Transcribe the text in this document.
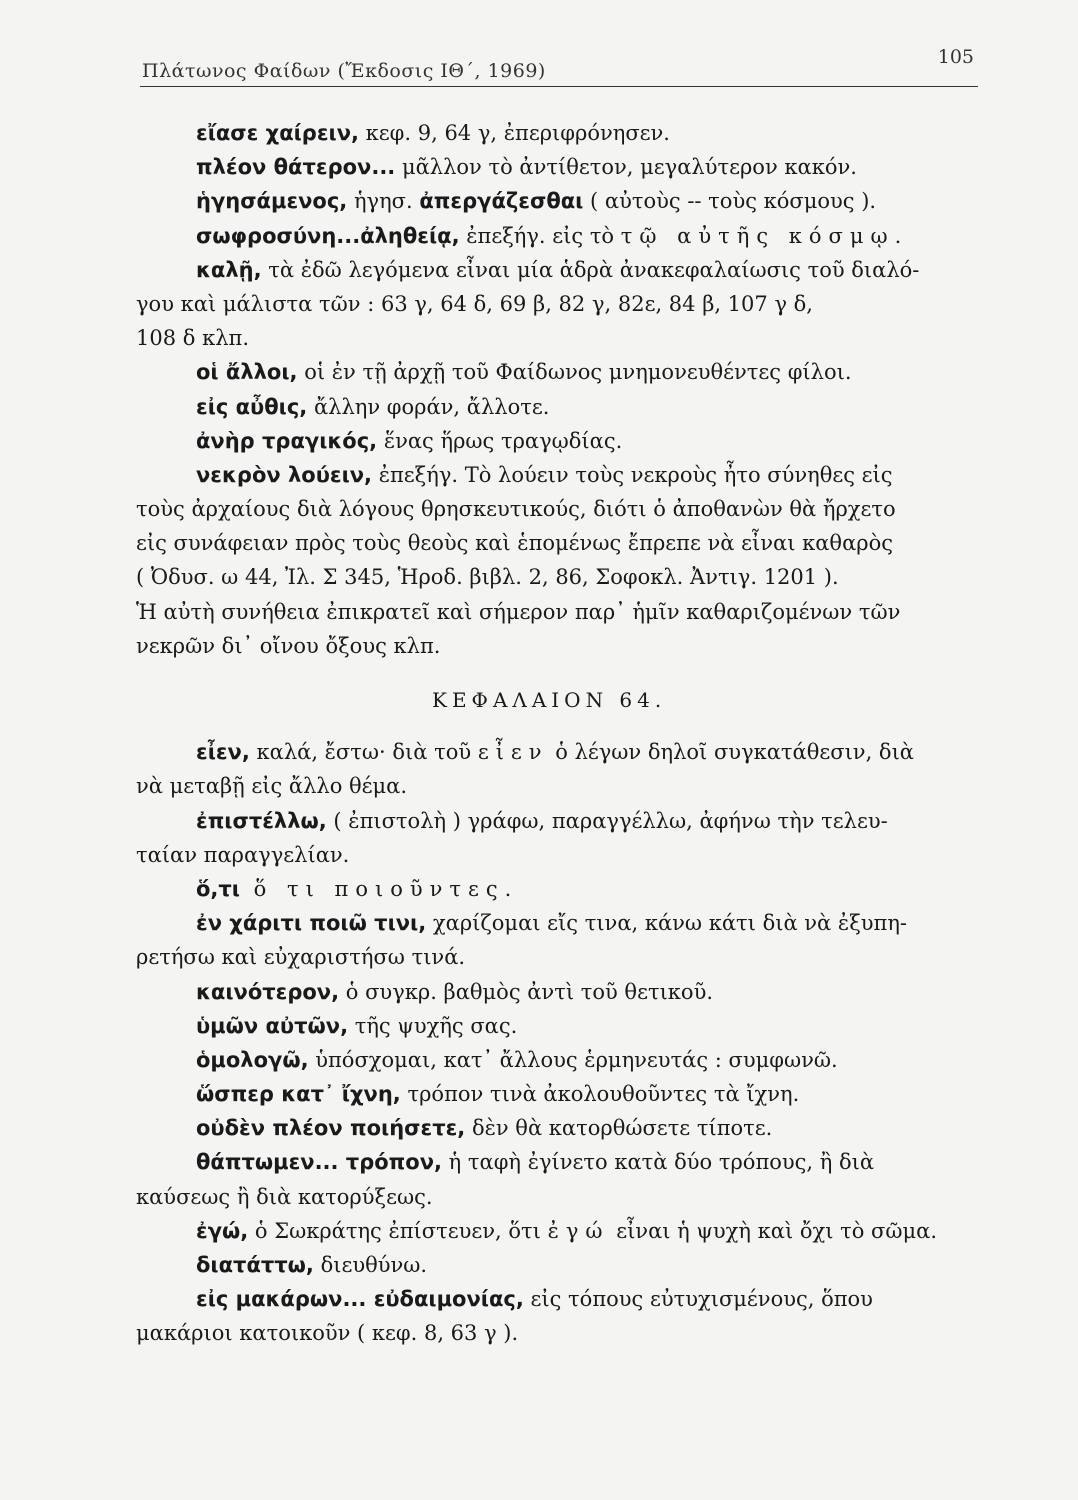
Πλάτωνος Φαίδων (Ἔκδοσις ΙΘ΄, 1969)
105
εἴασε χαίρειν, κεφ. 9, 64 γ, ἐπεριφρόνησεν.
πλέον θάτερον... μᾶλλον τὸ ἀντίθετον, μεγαλύτερον κακόν.
ἡγησάμενος, ἡγησ. ἀπεργάζεσθαι ( αὐτοὺς -- τοὺς κόσμους ).
σωφροσύνη...ἀληθείᾳ, ἐπεξήγ. εἰς τὸ τῷ αὐτῆς κόσμῳ.
καλῇ, τὰ ἐδῶ λεγόμενα εἶναι μία ἁδρὰ ἀνακεφαλαίωσις τοῦ διαλό-
γου καὶ μάλιστα τῶν : 63 γ, 64 δ, 69 β, 82 γ, 82ε, 84 β, 107 γ δ,
108 δ κλπ.
οἱ ἄλλοι, οἱ ἐν τῇ ἀρχῇ τοῦ Φαίδωνος μνημονευθέντες φίλοι.
εἰς αὖθις, ἄλλην φοράν, ἄλλοτε.
ἀνὴρ τραγικός, ἕνας ἥρως τραγῳδίας.
νεκρὸν λούειν, ἐπεξήγ. Τὸ λούειν τοὺς νεκροὺς ἦτο σύνηθες εἰς
τοὺς ἀρχαίους διὰ λόγους θρησκευτικούς, διότι ὁ ἀποθανὼν θὰ ἤρχετο
εἰς συνάφειαν πρὸς τοὺς θεοὺς καὶ ἑπομένως ἔπρεπε νὰ εἶναι καθαρὸς
( Ὀδυσ. ω 44, Ἰλ. Σ 345, Ἡροδ. βιβλ. 2, 86, Σοφοκλ. Ἀντιγ. 1201 ).
Ἡ αὐτὴ συνήθεια ἐπικρατεῖ καὶ σήμερον παρ᾽ ἡμῖν καθαριζομένων τῶν
νεκρῶν δι᾽ οἴνου ὄξους κλπ.
ΚΕΦΑΛΑΙΟΝ 64.
εἶεν, καλά, ἔστω· διὰ τοῦ εἶεν ὁ λέγων δηλοῖ συγκατάθεσιν, διὰ
νὰ μεταβῇ εἰς ἄλλο θέμα.
ἐπιστέλλω, ( ἐπιστολὴ ) γράφω, παραγγέλλω, ἀφήνω τὴν τελευ-
ταίαν παραγγελίαν.
ὅ,τι ὅ τι ποιοῦντες.
ἐν χάριτι ποιῶ τινι, χαρίζομαι εἴς τινα, κάνω κάτι διὰ νὰ ἐξυπη-
ρετήσω καὶ εὐχαριστήσω τινά.
καινότερον, ὁ συγκρ. βαθμὸς ἀντὶ τοῦ θετικοῦ.
ὑμῶν αὐτῶν, τῆς ψυχῆς σας.
ὁμολογῶ, ὑπόσχομαι, κατ᾽ ἄλλους ἑρμηνευτάς : συμφωνῶ.
ὥσπερ κατ᾽ ἴχνη, τρόπον τινὰ ἀκολουθοῦντες τὰ ἴχνη.
οὐδὲν πλέον ποιήσετε, δὲν θὰ κατορθώσετε τίποτε.
θάπτωμεν... τρόπον, ἡ ταφὴ ἐγίνετο κατὰ δύο τρόπους, ἢ διὰ
καύσεως ἢ διὰ κατορύξεως.
ἐγώ, ὁ Σωκράτης ἐπίστευεν, ὅτι ἐγώ εἶναι ἡ ψυχὴ καὶ ὄχι τὸ σῶμα.
διατάττω, διευθύνω.
εἰς μακάρων... εὐδαιμονίας, εἰς τόπους εὐτυχισμένους, ὅπου
μακάριοι κατοικοῦν ( κεφ. 8, 63 γ ).
